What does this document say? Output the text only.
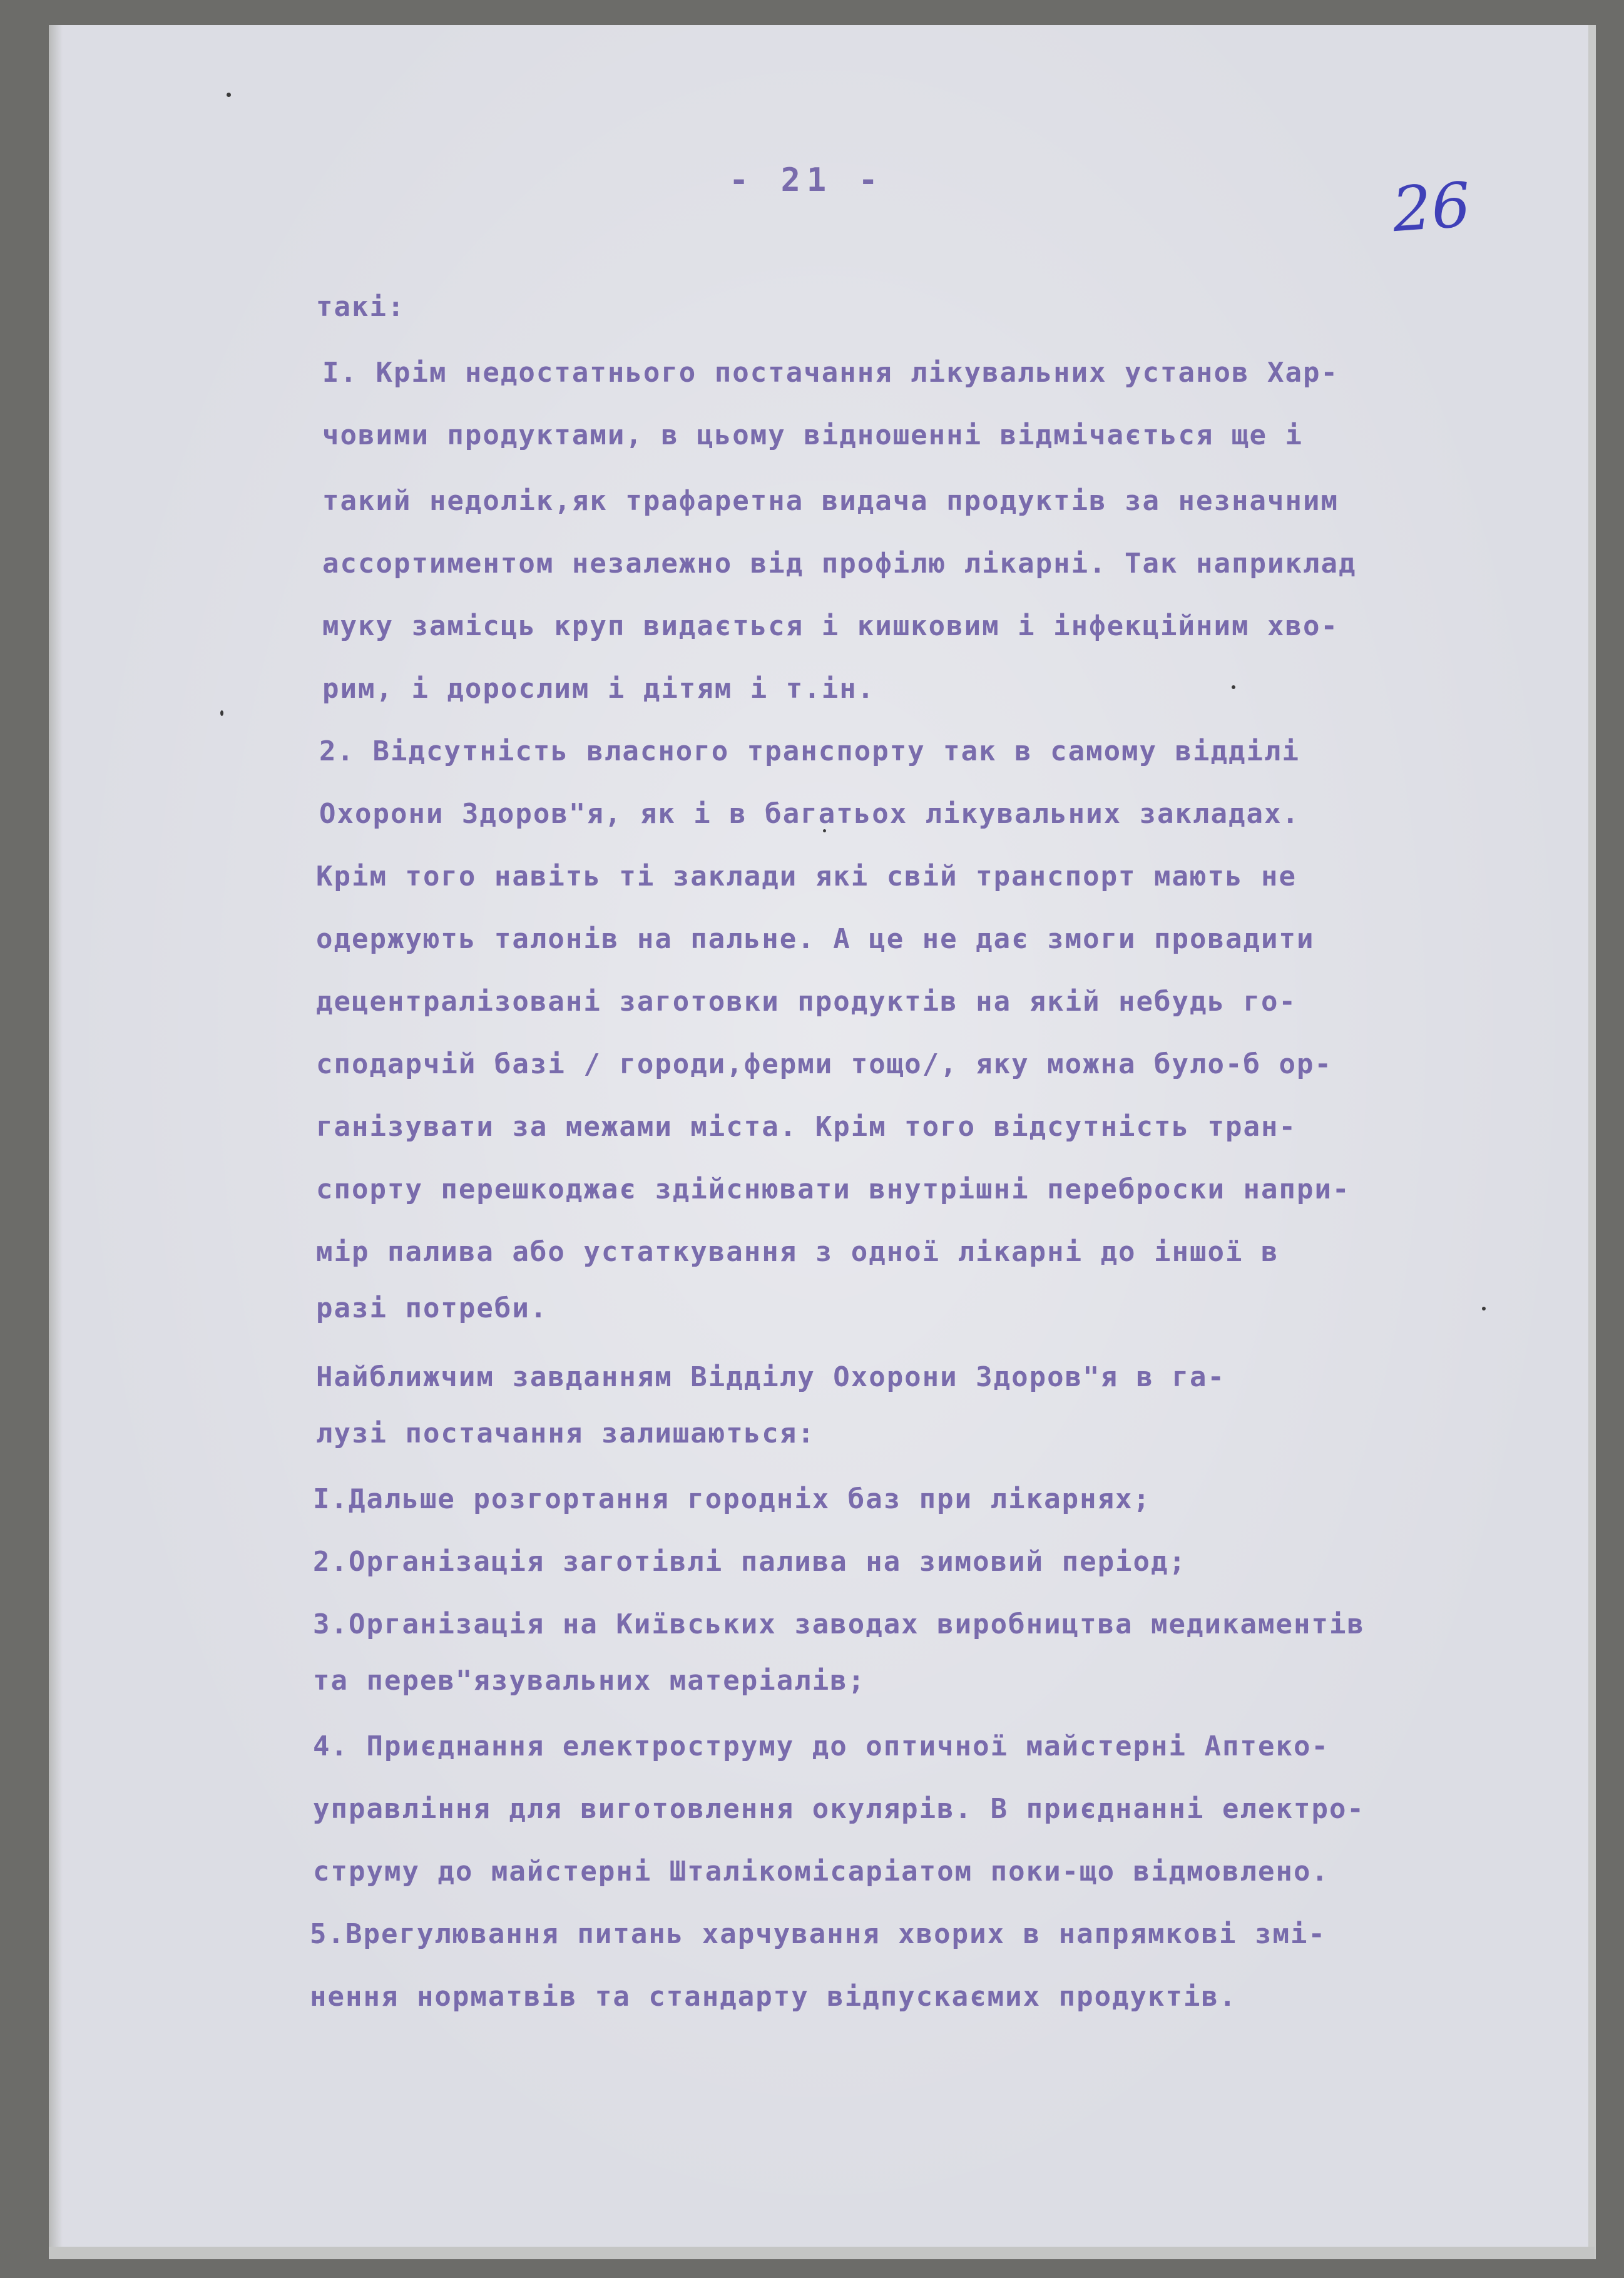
- 21 -	26
такі:
I. Крім недостатнього постачання лікувальних установ Хар-
човими продуктами, в цьому відношенні відмічається ще і
такий недолік,як трафаретна видача продуктів за незначним
ассортиментом незалежно від профілю лікарні. Так наприклад
муку замісць круп видається і кишковим і інфекційним хво-
рим, і дорослим і дітям і т.ін.
2. Відсутність власного транспорту так в самому відділі
Охорони Здоров"я, як і в багатьох лікувальних закладах.
Крім того навіть ті заклади які свій транспорт мають не
одержують талонів на пальне. А це не дає змоги провадити
децентралізовані заготовки продуктів на якій небудь го-
сподарчій базі / городи,ферми тощо/, яку можна було-б ор-
ганізувати за межами міста. Крім того відсутність тран-
спорту перешкоджає здійснювати внутрішні переброски напри-
мір палива або устаткування з одної лікарні до іншої в
разі потреби.
Найближчим завданням Відділу Охорони Здоров"я в га-
лузі постачання залишаються:
I.Дальше розгортання городніх баз при лікарнях;
2.Організація заготівлі палива на зимовий період;
3.Організація на Київських заводах виробництва медикаментів
та перев"язувальних матеріалів;
4. Приєднання електроструму до оптичної майстерні Аптеко-
управління для виготовлення окулярів. В приєднанні електро-
струму до майстерні Шталікомісаріатом поки-що відмовлено.
5.Врегулювання питань харчування хворих в напрямкові змі-
нення норматвів та стандарту відпускаємих продуктів.
